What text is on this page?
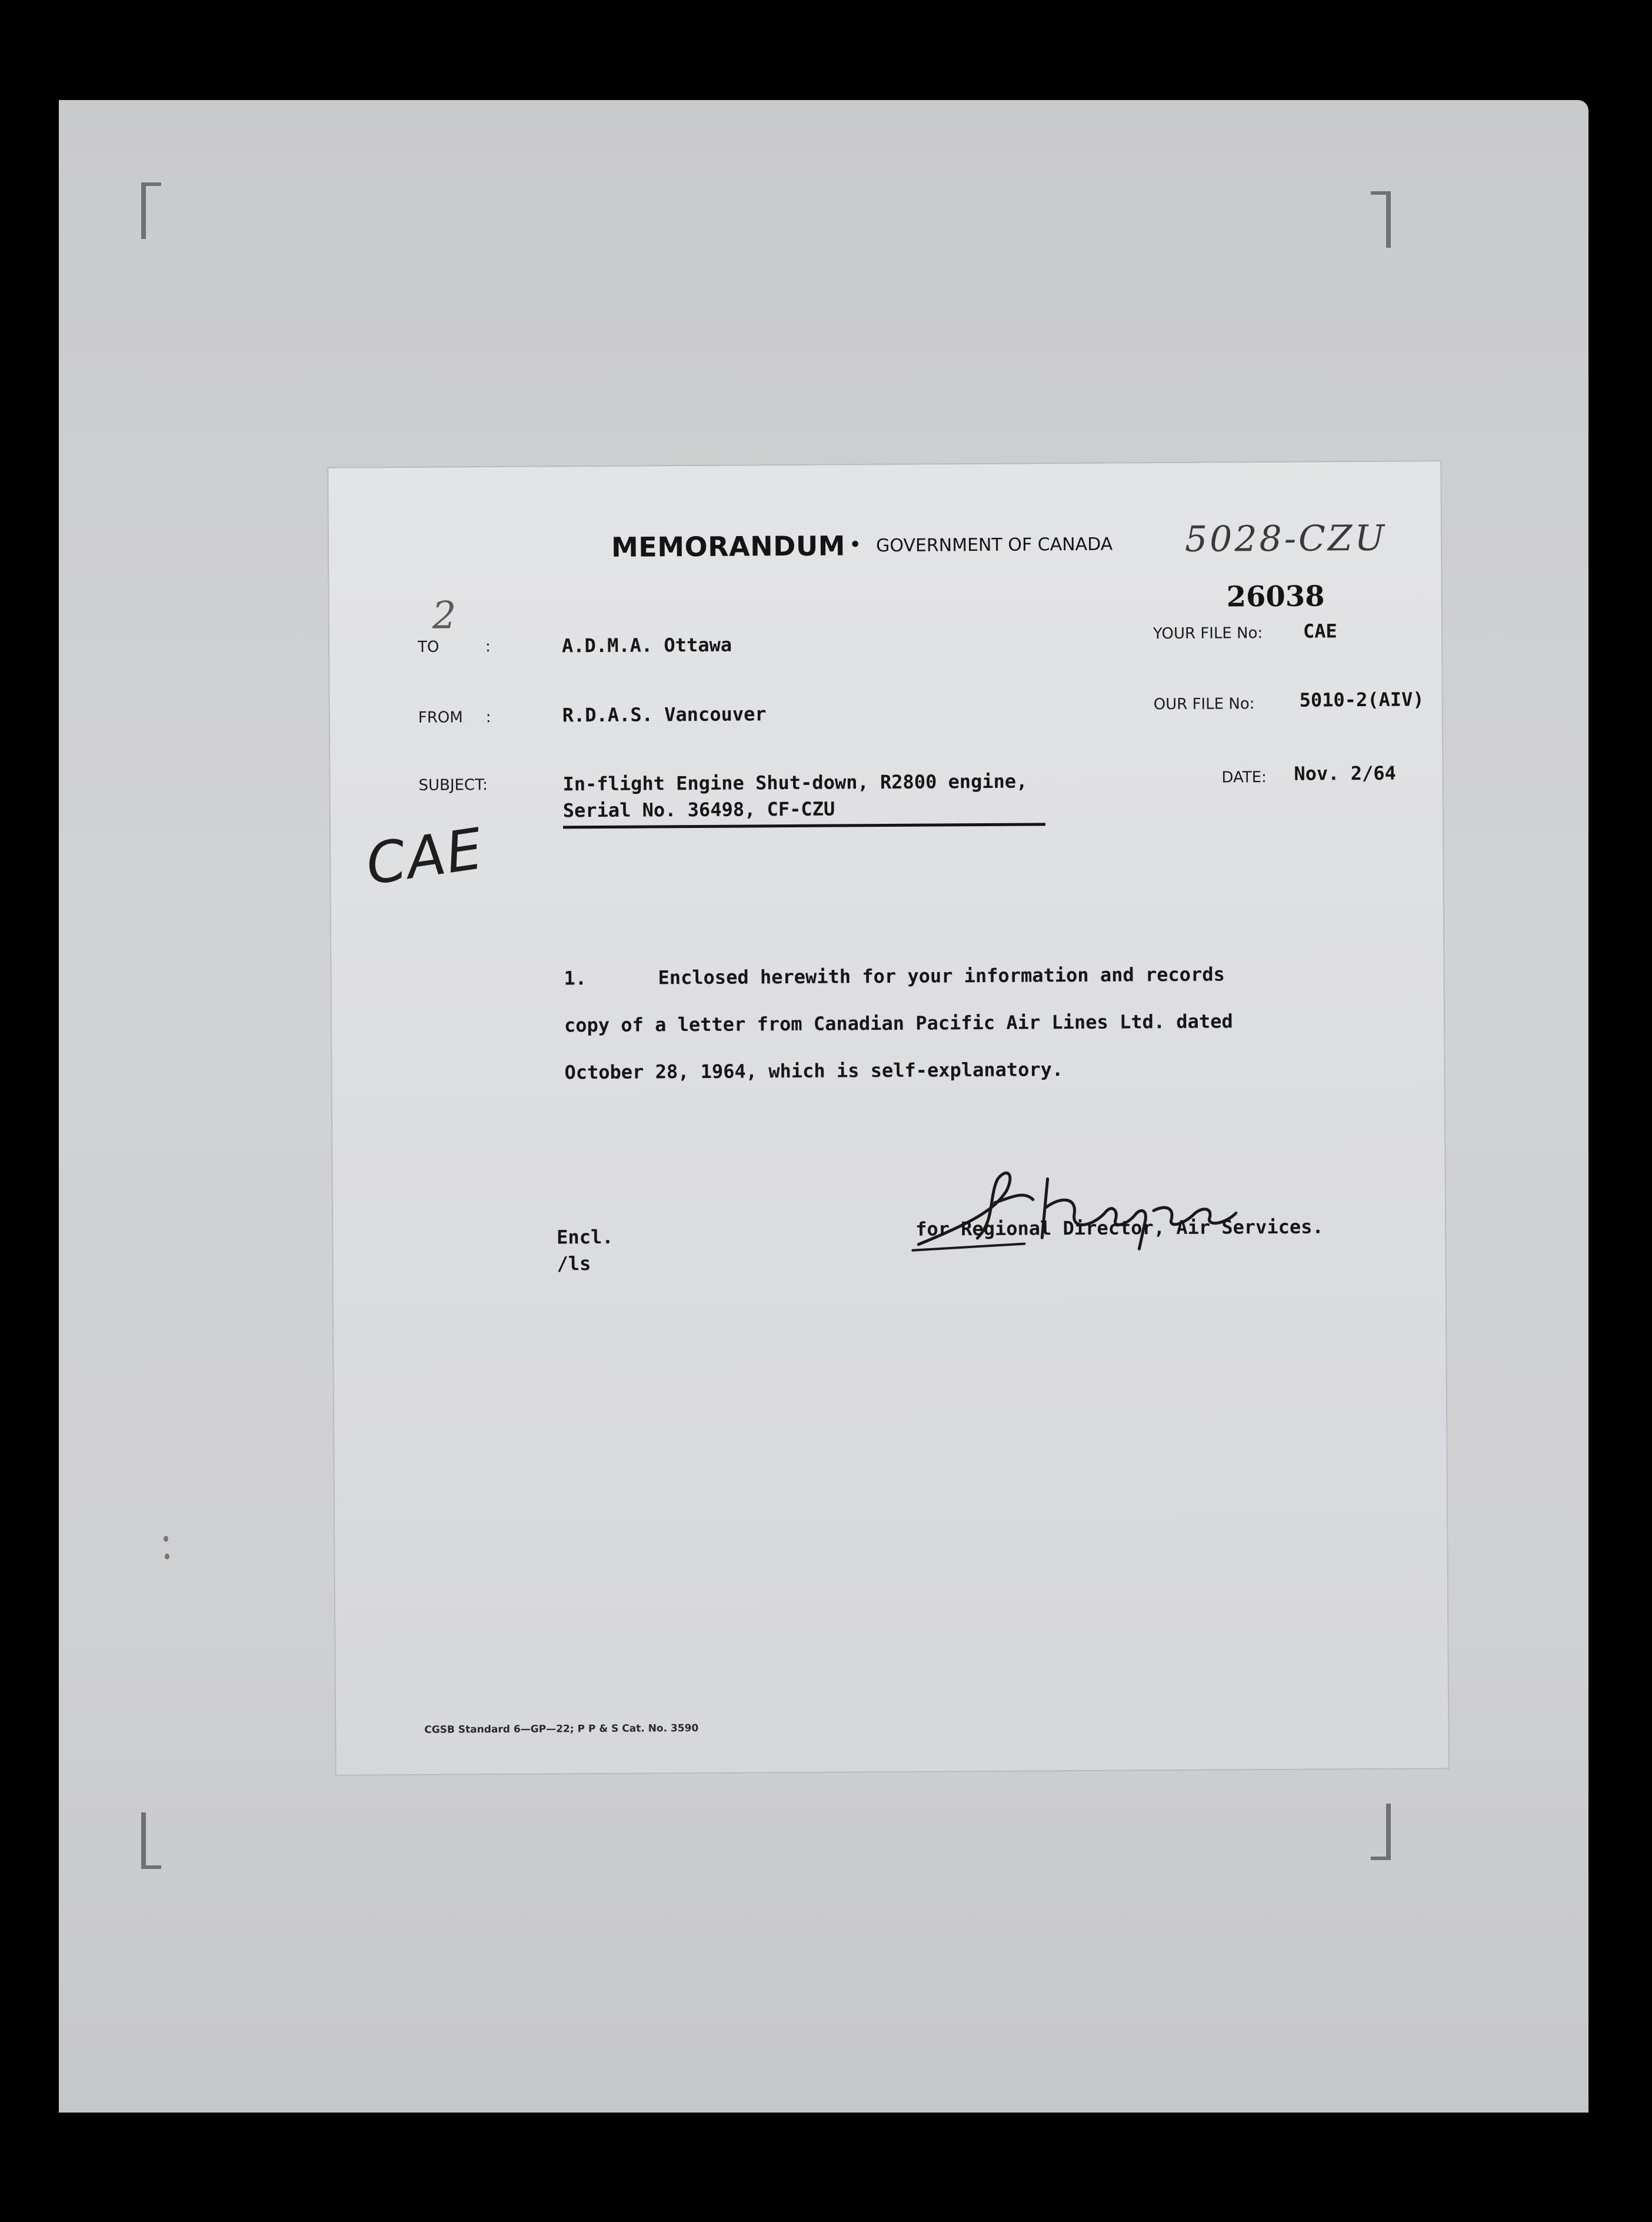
MEMORANDUM • GOVERNMENT OF CANADA 5028-CZU
26038
2
TO	:	A.D.M.A. Ottawa
FROM :	R.D.A.S. Vancouver
SUBJECT:	In-flight Engine Shut-down, R2800 engine,
Serial No. 36498, CF-CZU
YOUR FILE No: CAE
OUR FILE No: 5010-2(AIV)
DATE: Nov. 2/64
CAE
1.	Enclosed herewith for your information and records
copy of a letter from Canadian Pacific Air Lines Ltd. dated
October 28, 1964, which is self-explanatory.
for Regional Director, Air Services.
Encl.
/ls
CGSB Standard 6—GP—22; P P & S Cat. No. 3590
